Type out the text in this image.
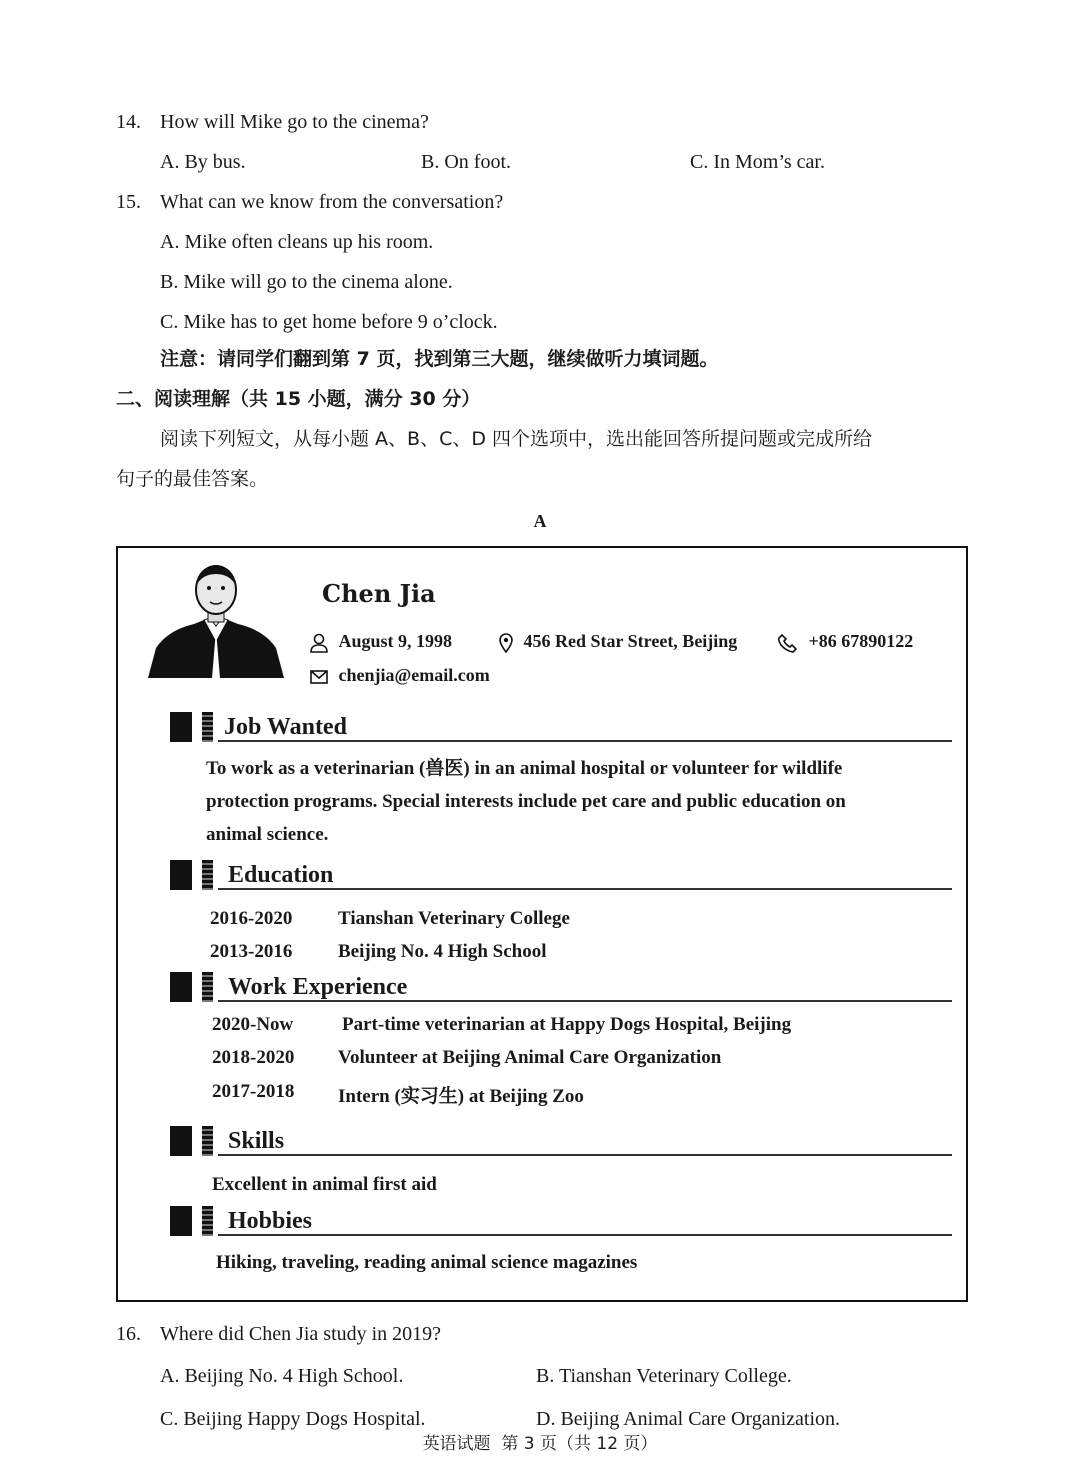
14. How will Mike go to the cinema?
A. By bus.	B. On foot.	C. In Mom’s car.
15. What can we know from the conversation?
A. Mike often cleans up his room.
B. Mike will go to the cinema alone.
C. Mike has to get home before 9 o’clock.
注意：请同学们翻到第 7 页，找到第三大题，继续做听力填词题。
二、阅读理解（共 15 小题，满分 30 分）
阅读下列短文，从每小题 A、B、C、D 四个选项中，选出能回答所提问题或完成所给
句子的最佳答案。
A
Chen Jia
August 9, 1998	456 Red Star Street, Beijing	+86 67890122
chenjia@email.com
Job Wanted
To work as a veterinarian (兽医) in an animal hospital or volunteer for wildlife
protection programs. Special interests include pet care and public education on
animal science.
Education
2016-2020 Tianshan Veterinary College
2013-2016 Beijing No. 4 High School
Work Experience
2020-Now	Part-time veterinarian at Happy Dogs Hospital, Beijing
2018-2020 Volunteer at Beijing Animal Care Organization
2017-2018 Intern (实习生) at Beijing Zoo
Skills
Excellent in animal first aid
Hobbies
Hiking, traveling, reading animal science magazines
16. Where did Chen Jia study in 2019?
A. Beijing No. 4 High School.	B. Tianshan Veterinary College.
C. Beijing Happy Dogs Hospital.	D. Beijing Animal Care Organization.
英语试题  第 3 页（共 12 页）
